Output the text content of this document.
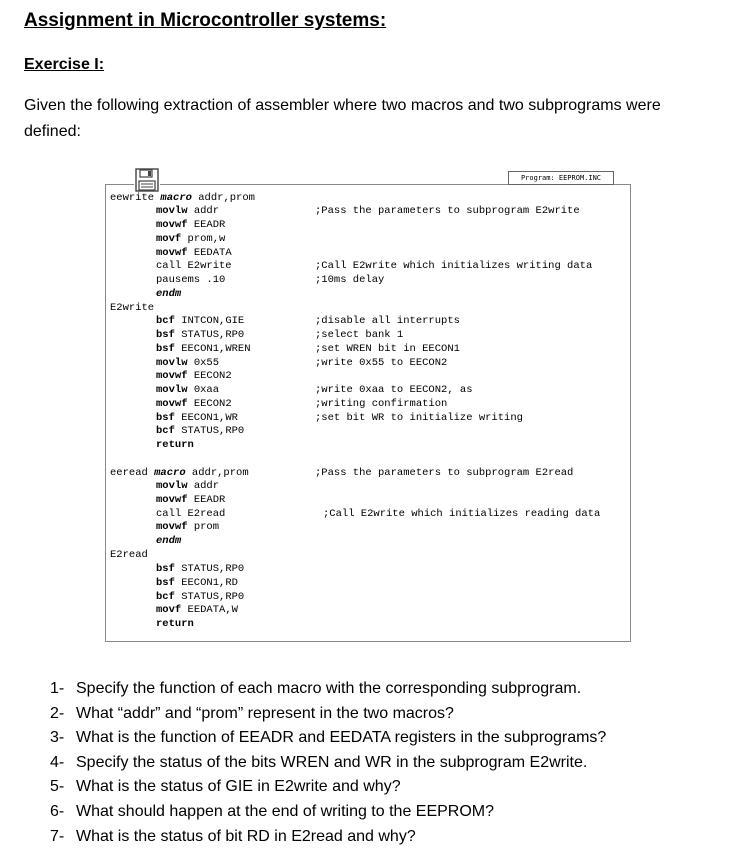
Assignment in Microcontroller systems:
Exercise I:

Given the following extraction of assembler where two macros and two subprograms were defined:

Program: EEPROM.INC
eewrite macro addr,prom
movlw addr
movwf EEADR
movf prom,w
movwf EEDATA
call E2write
pausems .10
endm
E2write
bcf INTCON,GIE
bsf STATUS,RP0
bsf EECON1,WREN
movlw 0x55
movwf EECON2
movlw 0xaa
movwf EECON2
bsf EECON1,WR
bcf STATUS,RP0
return
eeread macro addr,prom
movlw addr
movwf EEADR
call E2read
movwf prom
endm
E2read
bsf STATUS,RP0
bsf EECON1,RD
bcf STATUS,RP0
movf EEDATA,W
return
;Pass the parameters to subprogram E2write
;Call E2write which initializes writing data
;10ms delay
;disable all interrupts
;select bank 1
;set WREN bit in EECON1
;write 0x55 to EECON2
;write 0xaa to EECON2, as
;writing confirmation
;set bit WR to initialize writing
;Pass the parameters to subprogram E2read
;Call E2write which initializes reading data
1- Specify the function of each macro with the corresponding subprogram.
2- What “addr” and “prom” represent in the two macros?
3- What is the function of EEADR and EEDATA registers in the subprograms?
4- Specify the status of the bits WREN and WR in the subprogram E2write.
5- What is the status of GIE in E2write and why?
6- What should happen at the end of writing to the EEPROM?
7- What is the status of bit RD in E2read and why?
